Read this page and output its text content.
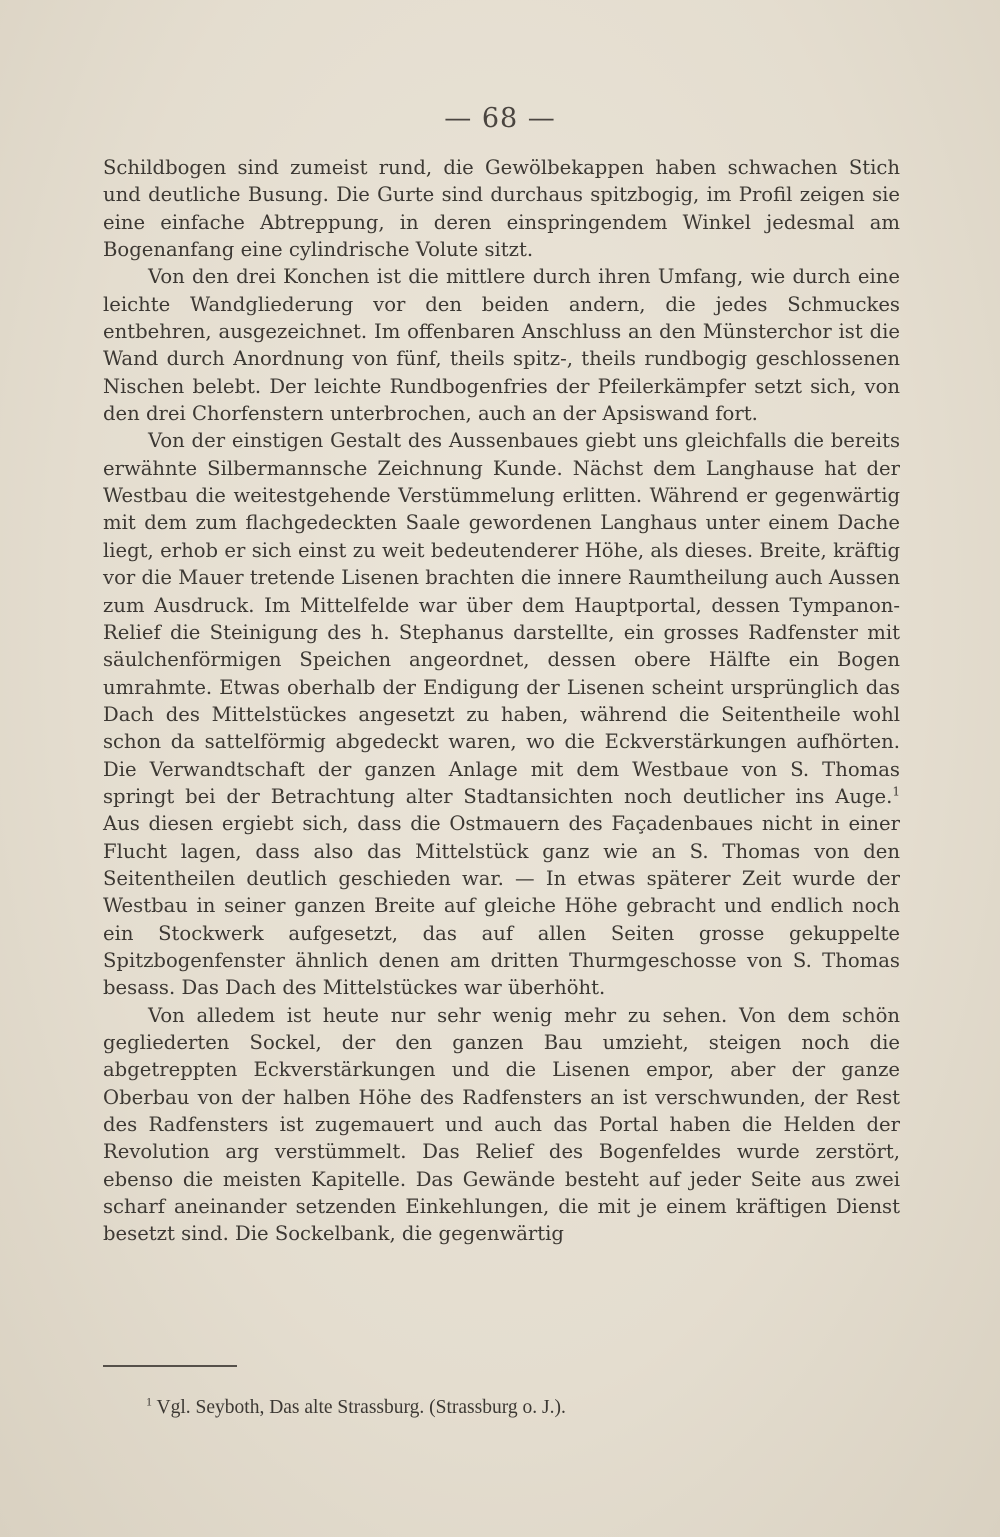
— 68 —

Schildbogen sind zumeist rund, die Gewölbekappen haben schwachen Stich und deutliche Busung. Die Gurte sind durchaus spitzbogig, im Profil zeigen sie eine einfache Abtreppung, in deren einspringendem Winkel jedesmal am Bogenanfang eine cylindrische Volute sitzt.

Von den drei Konchen ist die mittlere durch ihren Umfang, wie durch eine leichte Wandgliederung vor den beiden andern, die jedes Schmuckes entbehren, ausgezeichnet. Im offenbaren Anschluss an den Münsterchor ist die Wand durch Anordnung von fünf, theils spitz-, theils rundbogig geschlossenen Nischen belebt. Der leichte Rundbogenfries der Pfeilerkämpfer setzt sich, von den drei Chorfenstern unterbrochen, auch an der Apsiswand fort.

Von der einstigen Gestalt des Aussenbaues giebt uns gleichfalls die bereits erwähnte Silbermannsche Zeichnung Kunde. Nächst dem Langhause hat der Westbau die weitestgehende Verstümmelung erlitten. Während er gegenwärtig mit dem zum flachgedeckten Saale gewordenen Langhaus unter einem Dache liegt, erhob er sich einst zu weit bedeutenderer Höhe, als dieses. Breite, kräftig vor die Mauer tretende Lisenen brachten die innere Raumtheilung auch Aussen zum Ausdruck. Im Mittelfelde war über dem Hauptportal, dessen Tympanon-Relief die Steinigung des h. Stephanus darstellte, ein grosses Radfenster mit säulchenförmigen Speichen angeordnet, dessen obere Hälfte ein Bogen umrahmte. Etwas oberhalb der Endigung der Lisenen scheint ursprünglich das Dach des Mittelstückes angesetzt zu haben, während die Seitentheile wohl schon da sattelförmig abgedeckt waren, wo die Eckverstärkungen aufhörten. Die Verwandtschaft der ganzen Anlage mit dem Westbaue von S. Thomas springt bei der Betrachtung alter Stadtansichten noch deutlicher ins Auge.$^1$ Aus diesen ergiebt sich, dass die Ostmauern des Façadenbaues nicht in einer Flucht lagen, dass also das Mittelstück ganz wie an S. Thomas von den Seitentheilen deutlich geschieden war. — In etwas späterer Zeit wurde der Westbau in seiner ganzen Breite auf gleiche Höhe gebracht und endlich noch ein Stockwerk aufgesetzt, das auf allen Seiten grosse gekuppelte Spitzbogenfenster ähnlich denen am dritten Thurmgeschosse von S. Thomas besass. Das Dach des Mittelstückes war überhöht.

Von alledem ist heute nur sehr wenig mehr zu sehen. Von dem schön gegliederten Sockel, der den ganzen Bau umzieht, steigen noch die abgetreppten Eckverstärkungen und die Lisenen empor, aber der ganze Oberbau von der halben Höhe des Radfensters an ist verschwunden, der Rest des Radfensters ist zugemauert und auch das Portal haben die Helden der Revolution arg verstümmelt. Das Relief des Bogenfeldes wurde zerstört, ebenso die meisten Kapitelle. Das Gewände besteht auf jeder Seite aus zwei scharf aneinander setzenden Einkehlungen, die mit je einem kräftigen Dienst besetzt sind. Die Sockelbank, die gegenwärtig

$^1$ Vgl. Seyboth, Das alte Strassburg. (Strassburg o. J.).
